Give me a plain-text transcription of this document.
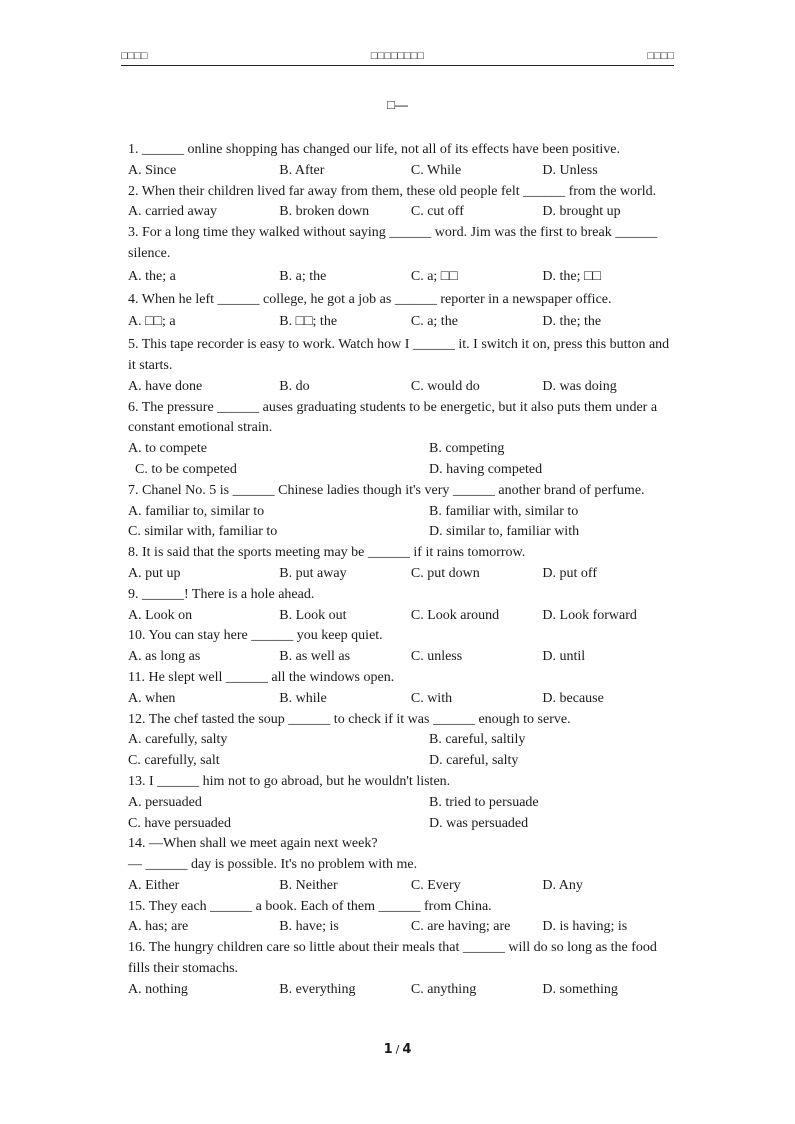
□□□□	□□□□□□□□	□□□□
□—

1. ______ online shopping has changed our life, not all of its effects have been positive.

A. Since	B. After	C. While	D. Unless

2. When their children lived far away from them, these old people felt ______ from the world.

A. carried away	B. broken down	C. cut off	D. brought up

3. For a long time they walked without saying ______ word. Jim was the first to break ______ silence.

A. the; a	B. a; the	C. a; □□	D. the; □□

4. When he left ______ college, he got a job as ______ reporter in a newspaper office.

A. □□; a	B. □□; the	C. a; the	D. the; the

5. This tape recorder is easy to work. Watch how I ______ it. I switch it on, press this button and it starts.

A. have done	B. do	C. would do	D. was doing

6. The pressure ______ auses graduating students to be energetic, but it also puts them under a constant emotional strain.

A. to compete	B. competing
C. to be competed	D. having competed

7. Chanel No. 5 is ______ Chinese ladies though it's very ______ another brand of perfume.

A. familiar to, similar to	B. familiar with, similar to
C. similar with, familiar to	D. similar to, familiar with

8. It is said that the sports meeting may be ______ if it rains tomorrow.

A. put up	B. put away	C. put down	D. put off

9. ______! There is a hole ahead.

A. Look on	B. Look out	C. Look around	D. Look forward

10. You can stay here ______ you keep quiet.

A. as long as	B. as well as	C. unless	D. until

11. He slept well ______ all the windows open.

A. when	B. while	C. with	D. because

12. The chef tasted the soup ______ to check if it was ______ enough to serve.

A. carefully, salty	B. careful, saltily
C. carefully, salt	D. careful, salty

13. I ______ him not to go abroad, but he wouldn't listen.

A. persuaded	B. tried to persuade
C. have persuaded	D. was persuaded

14. —When shall we meet again next week?

— ______ day is possible. It's no problem with me.

A. Either	B. Neither	C. Every	D. Any

15. They each ______ a book. Each of them ______ from China.

A. has; are	B. have; is	C. are having; are	D. is having; is

16. The hungry children care so little about their meals that ______ will do so long as the food fills their stomachs.

A. nothing	B. everything	C. anything	D. something
1 / 4
